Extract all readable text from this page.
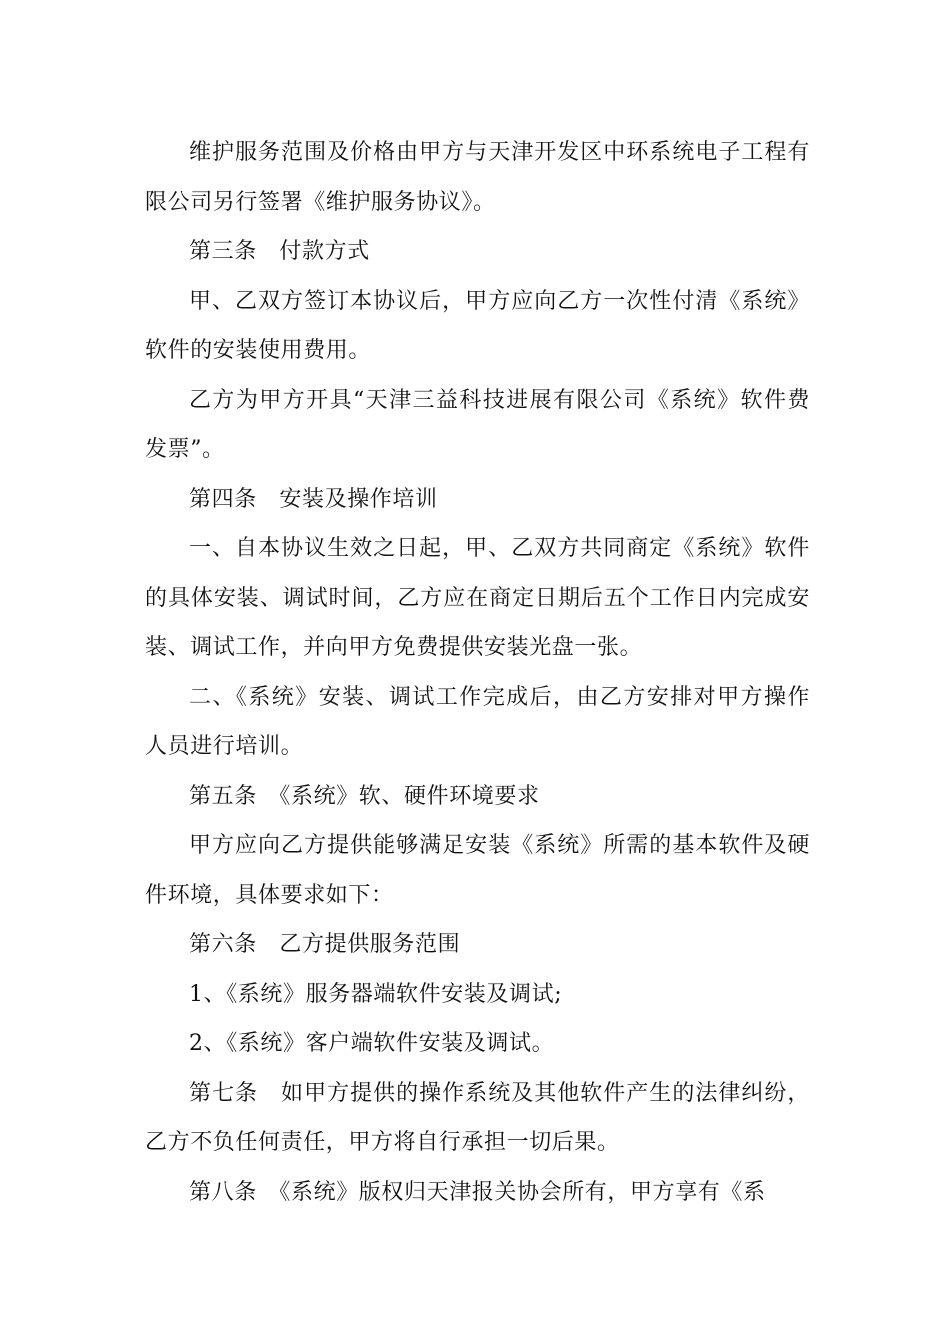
维护服务范围及价格由甲方与天津开发区中环系统电子工程有限公司另行签署《维护服务协议》。

第三条　付款方式

甲、乙双方签订本协议后，甲方应向乙方一次性付清《系统》软件的安装使用费用。

乙方为甲方开具“天津三益科技进展有限公司《系统》软件费发票”。

第四条　安装及操作培训

一、自本协议生效之日起，甲、乙双方共同商定《系统》软件的具体安装、调试时间，乙方应在商定日期后五个工作日内完成安装、调试工作，并向甲方免费提供安装光盘一张。

二、《系统》安装、调试工作完成后，由乙方安排对甲方操作人员进行培训。

第五条　《系统》软、硬件环境要求

甲方应向乙方提供能够满足安装《系统》所需的基本软件及硬件环境，具体要求如下：

第六条　乙方提供服务范围

1、《系统》服务器端软件安装及调试;

2、《系统》客户端软件安装及调试。

第七条　如甲方提供的操作系统及其他软件产生的法律纠纷，乙方不负任何责任，甲方将自行承担一切后果。

第八条　《系统》版权归天津报关协会所有，甲方享有《系
